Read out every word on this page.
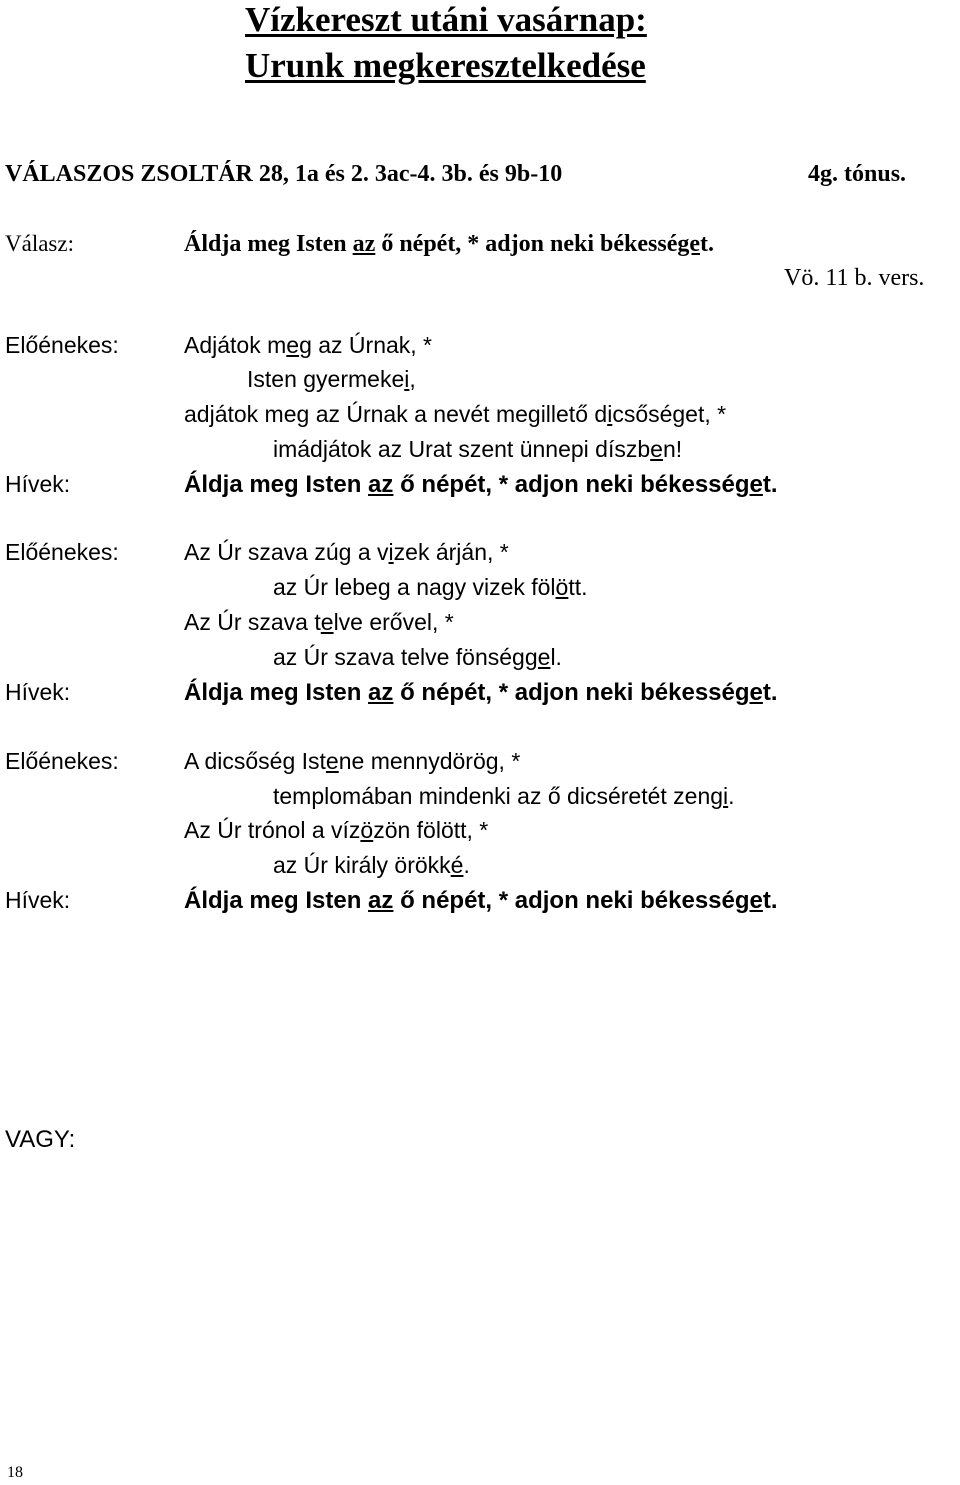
Vízkereszt utáni vasárnap:
Urunk megkeresztelkedése
VÁLASZOS ZSOLTÁR 28, 1a és 2. 3ac-4. 3b. és 9b-10	4g. tónus.
Válasz:	Áldja meg Isten az ő népét, * adjon neki békességet.
Vö. 11 b. vers.
Előénekes:	Adjátok meg az Úrnak, *
Isten gyermekei,
adjátok meg az Úrnak a nevét megillető dicsőséget, *
imádjátok az Urat szent ünnepi díszben!
Hívek:	Áldja meg Isten az ő népét, * adjon neki békességet.
Előénekes:	Az Úr szava zúg a vizek árján, *
az Úr lebeg a nagy vizek fölött.
Az Úr szava telve erővel, *
az Úr szava telve fönséggel.
Hívek:	Áldja meg Isten az ő népét, * adjon neki békességet.
Előénekes:	A dicsőség Istene mennydörög, *
templomában mindenki az ő dicséretét zengi.
Az Úr trónol a vízözön fölött, *
az Úr király örökké.
Hívek:	Áldja meg Isten az ő népét, * adjon neki békességet.
VAGY:
18
